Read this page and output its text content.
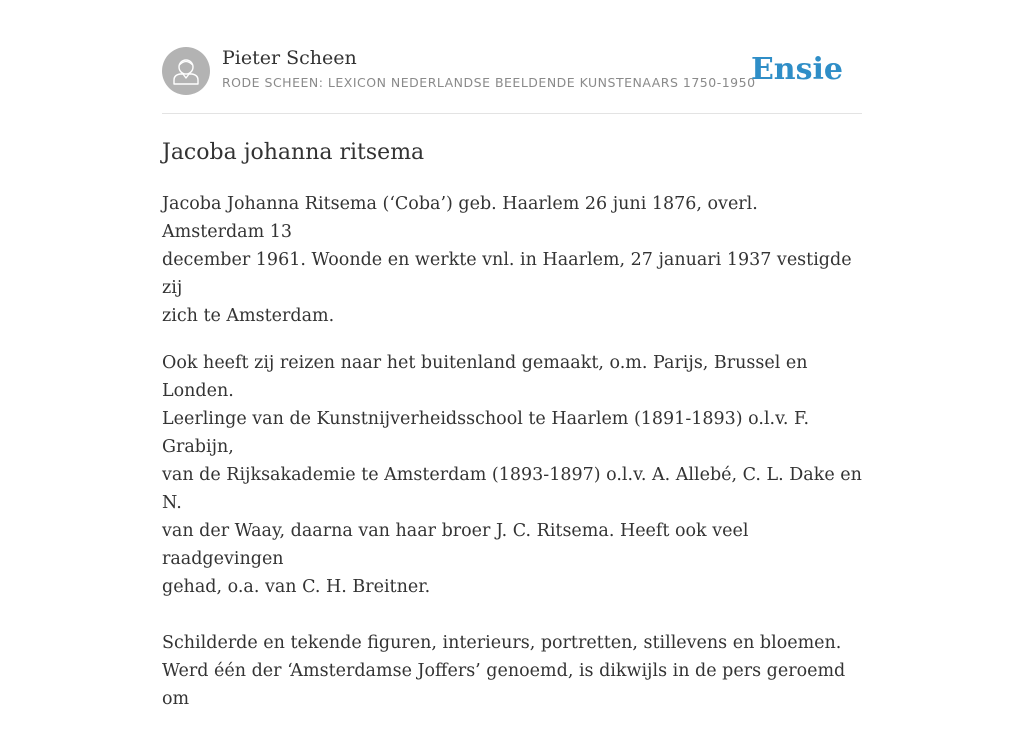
Pieter Scheen
RODE SCHEEN: LEXICON NEDERLANDSE BEELDENDE KUNSTENAARS 1750-1950
Ensie
Jacoba johanna ritsema

Jacoba Johanna Ritsema (‘Coba’) geb. Haarlem 26 juni 1876, overl. Amsterdam 13
december 1961. Woonde en werkte vnl. in Haarlem, 27 januari 1937 vestigde zij
zich te Amsterdam.

Ook heeft zij reizen naar het buitenland gemaakt, o.m. Parijs, Brussel en Londen.
Leerlinge van de Kunstnijverheidsschool te Haarlem (1891-1893) o.l.v. F. Grabijn,
van de Rijksakademie te Amsterdam (1893-1897) o.l.v. A. Allebé, C. L. Dake en N.
van der Waay, daarna van haar broer J. C. Ritsema. Heeft ook veel raadgevingen
gehad, o.a. van C. H. Breitner.

Schilderde en tekende figuren, interieurs, portretten, stillevens en bloemen.
Werd één der ‘Amsterdamse Joffers’ genoemd, is dikwijls in de pers geroemd om
